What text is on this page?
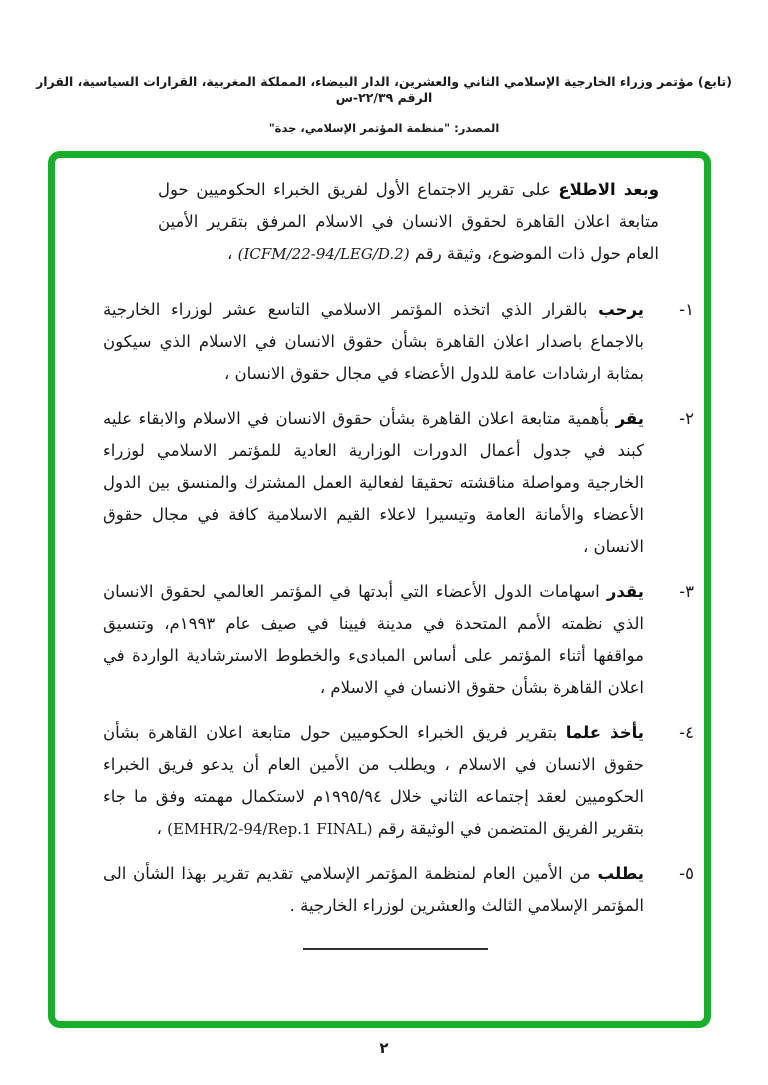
(تابع) مؤتمر وزراء الخارجية الإسلامي الثاني والعشرين، الدار البيضاء، المملكة المغربية، القرارات السياسية، القرار الرقم ٢٢/٣٩-س
المصدر: "منظمة المؤتمر الإسلامي، جدة"

وبعد الاطلاع على تقرير الاجتماع الأول لفريق الخبراء الحكوميين حول متابعة اعلان القاهرة لحقوق الانسان في الاسلام المرفق بتقرير الأمين العام حول ذات الموضوع، وثيقة رقم (ICFM/22-94/LEG/D.2) ،

١-
يرحب بالقرار الذي اتخذه المؤتمر الاسلامي التاسع عشر لوزراء الخارجية بالاجماع باصدار اعلان القاهرة بشأن حقوق الانسان في الاسلام الذي سيكون بمثابة ارشادات عامة للدول الأعضاء في مجال حقوق الانسان ،
٢-
يقر بأهمية متابعة اعلان القاهرة بشأن حقوق الانسان في الاسلام والابقاء عليه كبند في جدول أعمال الدورات الوزارية العادية للمؤتمر الاسلامي لوزراء الخارجية ومواصلة مناقشته تحقيقا لفعالية العمل المشترك والمنسق بين الدول الأعضاء والأمانة العامة وتيسيرا لاعلاء القيم الاسلامية كافة في مجال حقوق الانسان ،
٣-
يقدر اسهامات الدول الأعضاء التي أبدتها في المؤتمر العالمي لحقوق الانسان الذي نظمته الأمم المتحدة في مدينة فيينا في صيف عام ١٩٩٣م، وتنسيق مواقفها أثناء المؤتمر على أساس المبادىء والخطوط الاسترشادية الواردة في اعلان القاهرة بشأن حقوق الانسان في الاسلام ،
٤-
يأخذ علما بتقرير فريق الخبراء الحكوميين حول متابعة اعلان القاهرة بشأن حقوق الانسان في الاسلام ، ويطلب من الأمين العام أن يدعو فريق الخبراء الحكوميين لعقد إجتماعه الثاني خلال ١٩٩٥/٩٤م لاستكمال مهمته وفق ما جاء بتقرير الفريق المتضمن في الوثيقة رقم (EMHR/2-94/Rep.1 FINAL) ،
٥-
يطلب من الأمين العام لمنظمة المؤتمر الإسلامي تقديم تقرير بهذا الشأن الى المؤتمر الإسلامي الثالث والعشرين لوزراء الخارجية .
٢
